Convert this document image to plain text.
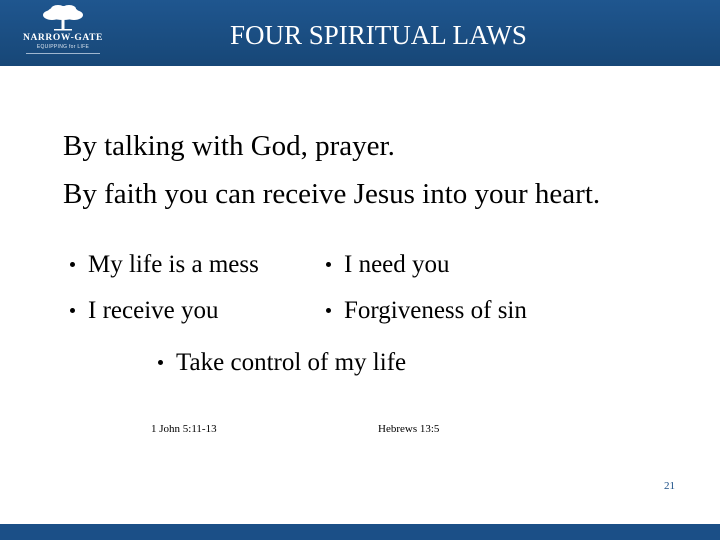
NARROW-GATE
EQUIPPING for LIFE	FOUR SPIRITUAL LAWS
By talking with God, prayer.
By faith you can receive Jesus into your heart.
My life is a mess	I need you
I receive you	Forgiveness of sin
Take control of my life
1 John 5:11-13	Hebrews 13:5
21
